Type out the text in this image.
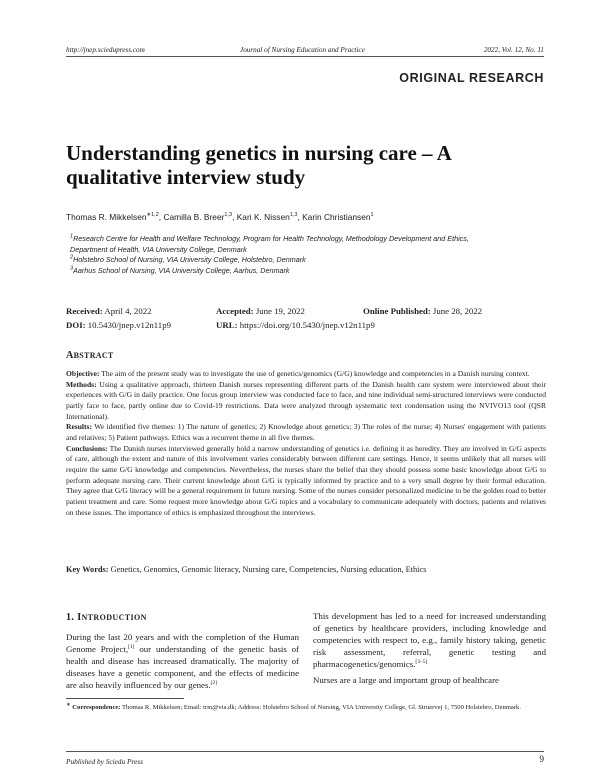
http://jnep.sciedupress.com	Journal of Nursing Education and Practice	2022, Vol. 12, No. 11
ORIGINAL RESEARCH
Understanding genetics in nursing care – A qualitative interview study
Thomas R. Mikkelsen$^{∗1,2}$, Camilla B. Breer$^{1,3}$, Kari K. Nissen$^{1,3}$, Karin Christiansen$^1$
$^1$Research Centre for Health and Welfare Technology, Program for Health Technology, Methodology Development and Ethics,
Department of Health, VIA University College, Denmark
$^2$Holstebro School of Nursing, VIA University College, Holstebro, Denmark
$^3$Aarhus School of Nursing, VIA University College, Aarhus, Denmark
Received: April 4, 2022	Accepted: June 19, 2022	Online Published: June 28, 2022
DOI: 10.5430/jnep.v12n11p9	URL: https://doi.org/10.5430/jnep.v12n11p9
ABSTRACT
Objective: The aim of the present study was to investigate the use of genetics/genomics (G/G) knowledge and competencies in a Danish nursing context.
Methods: Using a qualitative approach, thirteen Danish nurses representing different parts of the Danish health care system were interviewed about their experiences with G/G in daily practice. One focus group interview was conducted face to face, and nine individual semi-structured interviews were conducted partly face to face, partly online due to Covid-19 restrictions. Data were analyzed through systematic text condensation using the NVIVO13 tool (QSR International).
Results: We identified five themes: 1) The nature of genetics; 2) Knowledge about genetics; 3) The roles of the nurse; 4) Nurses' engagement with patients and relatives; 5) Patient pathways. Ethics was a recurrent theme in all five themes.
Conclusions: The Danish nurses interviewed generally hold a narrow understanding of genetics i.e. defining it as heredity. They are involved in G/G aspects of care, although the extent and nature of this involvement varies considerably between different care settings. Hence, it seems unlikely that all nurses will require the same G/G knowledge and competencies. Nevertheless, the nurses share the belief that they should possess some basic knowledge about G/G to perform adequate nursing care. Their current knowledge about G/G is typically informed by practice and to a very small degree by their formal education. They agree that G/G literacy will be a general requirement in future nursing. Some of the nurses consider personalized medicine to be the golden road to better patient treatment and care. Some request more knowledge about G/G topics and a vocabulary to communicate adequately with doctors, patients and relatives on these issues. The importance of ethics is emphasized throughout the interviews.
Key Words: Genetics, Genomics, Genomic literacy, Nursing care, Competencies, Nursing education, Ethics
1. INTRODUCTION
During the last 20 years and with the completion of the Human Genome Project,[1] our understanding of the genetic basis of health and disease has increased dramatically. The majority of diseases have a genetic component, and the effects of medicine are also heavily influenced by our genes.[2]
This development has led to a need for increased understanding of genetics by healthcare providers, including knowledge and competencies with respect to, e.g., family history taking, genetic risk assessment, referral, genetic testing and pharmacogenetics/genomics.[3–5]
Nurses are a large and important group of healthcare
∗ Correspondence: Thomas R. Mikkelsen; Email: trm@via.dk; Address: Holstebro School of Nursing, VIA University College, Gl. Struervej 1, 7500 Holstebro, Denmark.
Published by Sciedu Press	9
